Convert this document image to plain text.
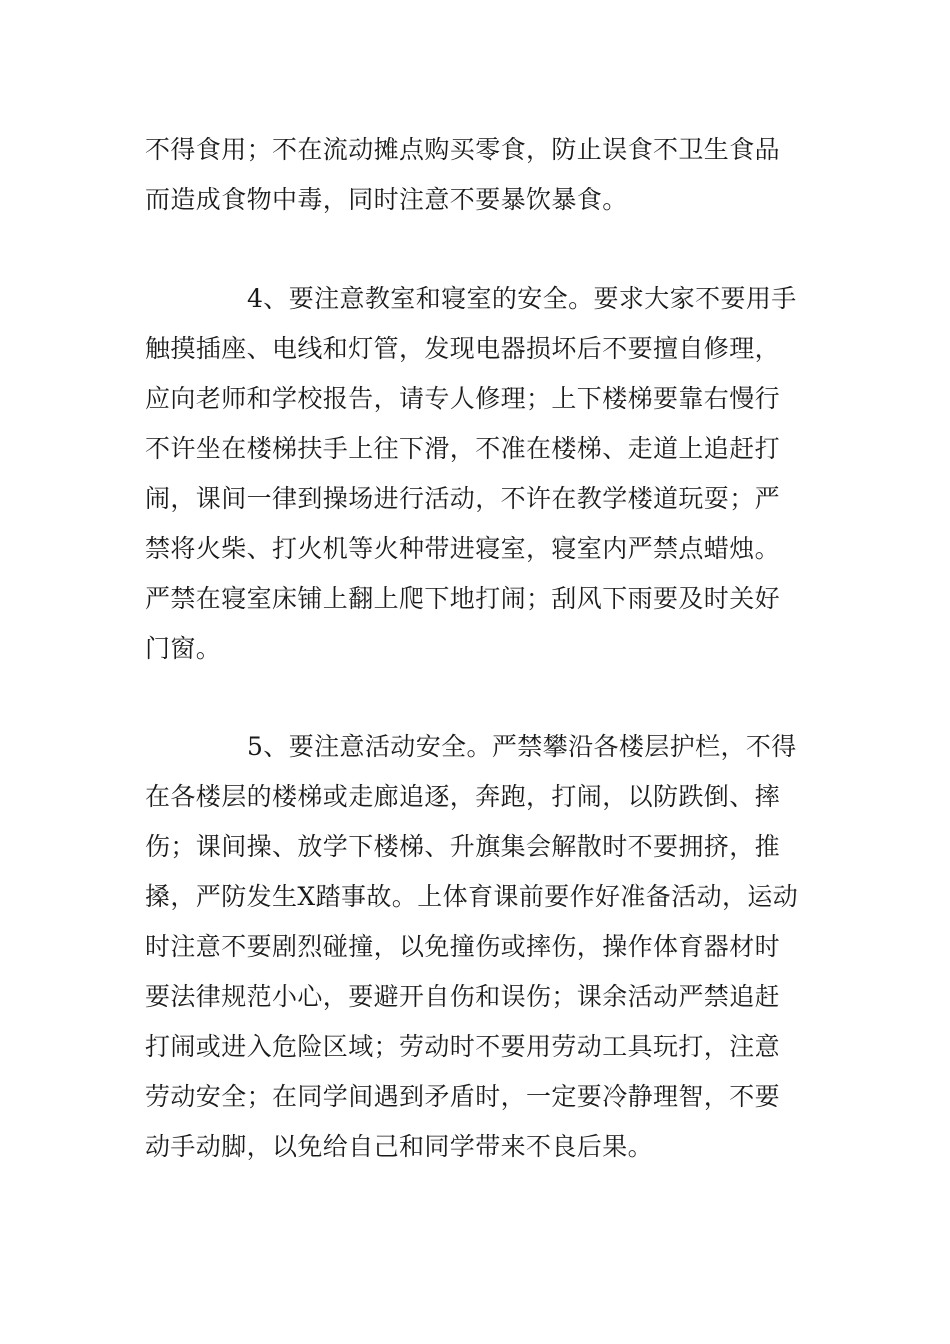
不得食用；不在流动摊点购买零食，防止误食不卫生食品
而造成食物中毒，同时注意不要暴饮暴食。
4、要注意教室和寝室的安全。要求大家不要用手
触摸插座、电线和灯管，发现电器损坏后不要擅自修理，
应向老师和学校报告，请专人修理；上下楼梯要靠右慢行
不许坐在楼梯扶手上往下滑，不准在楼梯、走道上追赶打
闹，课间一律到操场进行活动，不许在教学楼道玩耍；严
禁将火柴、打火机等火种带进寝室，寝室内严禁点蜡烛。
严禁在寝室床铺上翻上爬下地打闹；刮风下雨要及时关好
门窗。
5、要注意活动安全。严禁攀沿各楼层护栏，不得
在各楼层的楼梯或走廊追逐，奔跑，打闹，以防跌倒、摔
伤；课间操、放学下楼梯、升旗集会解散时不要拥挤，推
搡，严防发生X踏事故。上体育课前要作好准备活动，运动
时注意不要剧烈碰撞，以免撞伤或摔伤，操作体育器材时
要法律规范小心，要避开自伤和误伤；课余活动严禁追赶
打闹或进入危险区域；劳动时不要用劳动工具玩打，注意
劳动安全；在同学间遇到矛盾时，一定要冷静理智，不要
动手动脚，以免给自己和同学带来不良后果。
